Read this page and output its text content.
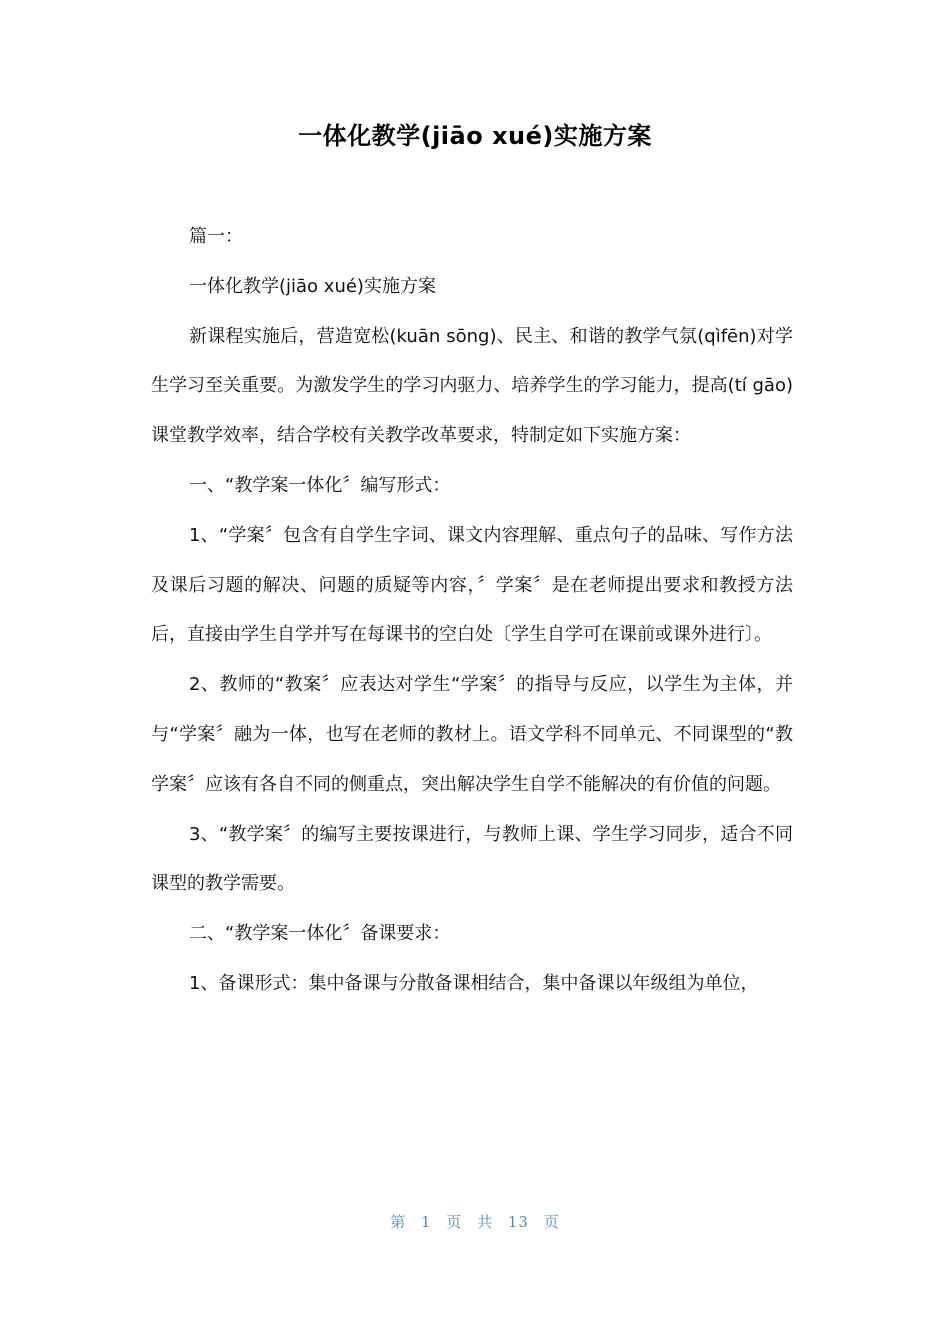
一体化教学(jiāo xué)实施方案

篇一：

一体化教学(jiāo xué)实施方案

新课程实施后，营造宽松(kuān sōng)、民主、和谐的教学气氛(qìfēn)对学生学习至关重要。为激发学生的学习内驱力、培养学生的学习能力，提高(tí gāo)课堂教学效率，结合学校有关教学改革要求，特制定如下实施方案：

一、“教学案一体化〞编写形式：

1、“学案〞包含有自学生字词、课文内容理解、重点句子的品味、写作方法及课后习题的解决、问题的质疑等内容，〞学案〞是在老师提出要求和教授方法后，直接由学生自学并写在每课书的空白处〔学生自学可在课前或课外进行〕。

2、教师的“教案〞应表达对学生“学案〞的指导与反应，以学生为主体，并与“学案〞融为一体，也写在老师的教材上。语文学科不同单元、不同课型的“教学案〞应该有各自不同的侧重点，突出解决学生自学不能解决的有价值的问题。

3、“教学案〞的编写主要按课进行，与教师上课、学生学习同步，适合不同课型的教学需要。

二、“教学案一体化〞备课要求：

1、备课形式：集中备课与分散备课相结合，集中备课以年级组为单位，

第 1 页 共 13 页
